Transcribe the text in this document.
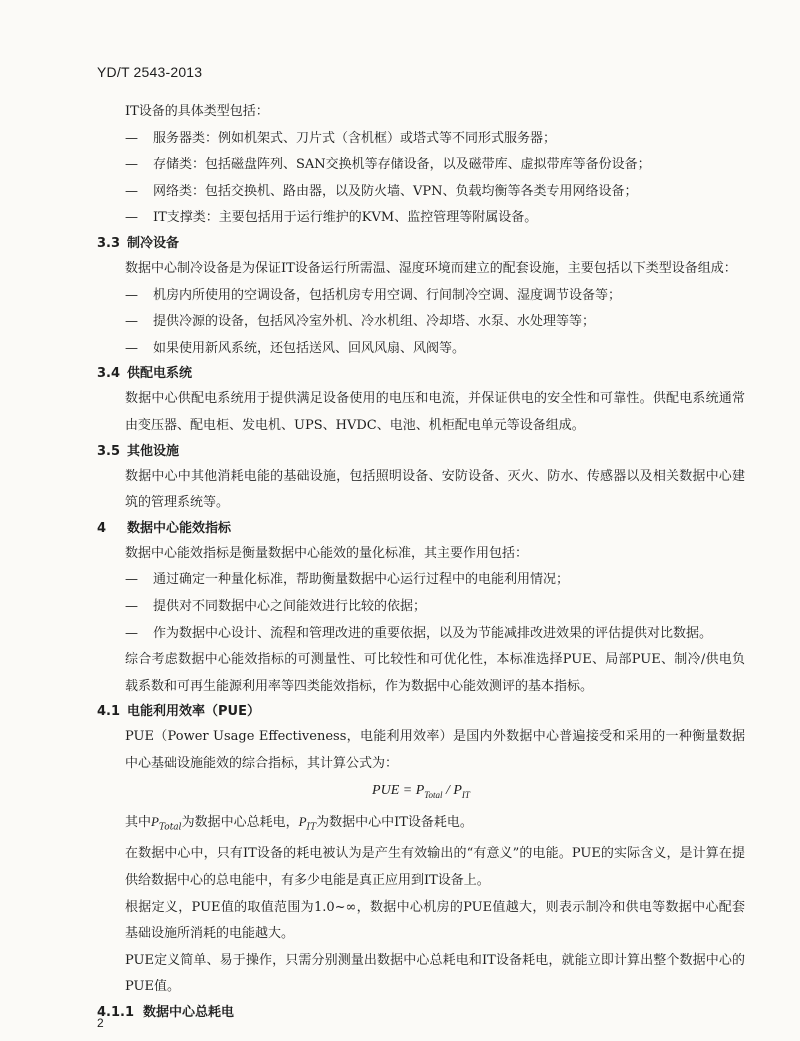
YD/T 2543-2013
IT设备的具体类型包括：
— 服务器类：例如机架式、刀片式（含机框）或塔式等不同形式服务器；
— 存储类：包括磁盘阵列、SAN交换机等存储设备，以及磁带库、虚拟带库等备份设备；
— 网络类：包括交换机、路由器，以及防火墙、VPN、负载均衡等各类专用网络设备；
— IT支撑类：主要包括用于运行维护的KVM、监控管理等附属设备。
3.3 制冷设备
数据中心制冷设备是为保证IT设备运行所需温、湿度环境而建立的配套设施，主要包括以下类型设备组成：
— 机房内所使用的空调设备，包括机房专用空调、行间制冷空调、湿度调节设备等；
— 提供冷源的设备，包括风冷室外机、冷水机组、冷却塔、水泵、水处理等等；
— 如果使用新风系统，还包括送风、回风风扇、风阀等。
3.4 供配电系统
数据中心供配电系统用于提供满足设备使用的电压和电流，并保证供电的安全性和可靠性。供配电系统通常由变压器、配电柜、发电机、UPS、HVDC、电池、机柜配电单元等设备组成。
3.5 其他设施
数据中心中其他消耗电能的基础设施，包括照明设备、安防设备、灭火、防水、传感器以及相关数据中心建筑的管理系统等。
4 数据中心能效指标
数据中心能效指标是衡量数据中心能效的量化标准，其主要作用包括：
— 通过确定一种量化标准，帮助衡量数据中心运行过程中的电能利用情况；
— 提供对不同数据中心之间能效进行比较的依据；
— 作为数据中心设计、流程和管理改进的重要依据，以及为节能减排改进效果的评估提供对比数据。
综合考虑数据中心能效指标的可测量性、可比较性和可优化性，本标准选择PUE、局部PUE、制冷/供电负载系数和可再生能源利用率等四类能效指标，作为数据中心能效测评的基本指标。
4.1 电能利用效率（PUE）
PUE（Power Usage Effectiveness，电能利用效率）是国内外数据中心普遍接受和采用的一种衡量数据中心基础设施能效的综合指标，其计算公式为：
PUE = $P_{Total} / P_{IT}$
其中$P_{Total}$为数据中心总耗电，$P_{IT}$为数据中心中IT设备耗电。
在数据中心中，只有IT设备的耗电被认为是产生有效输出的“有意义”的电能。PUE的实际含义，是计算在提供给数据中心的总电能中，有多少电能是真正应用到IT设备上。
根据定义，PUE值的取值范围为1.0~∞，数据中心机房的PUE值越大，则表示制冷和供电等数据中心配套基础设施所消耗的电能越大。
PUE定义简单、易于操作，只需分别测量出数据中心总耗电和IT设备耗电，就能立即计算出整个数据中心的PUE值。
4.1.1 数据中心总耗电
2
